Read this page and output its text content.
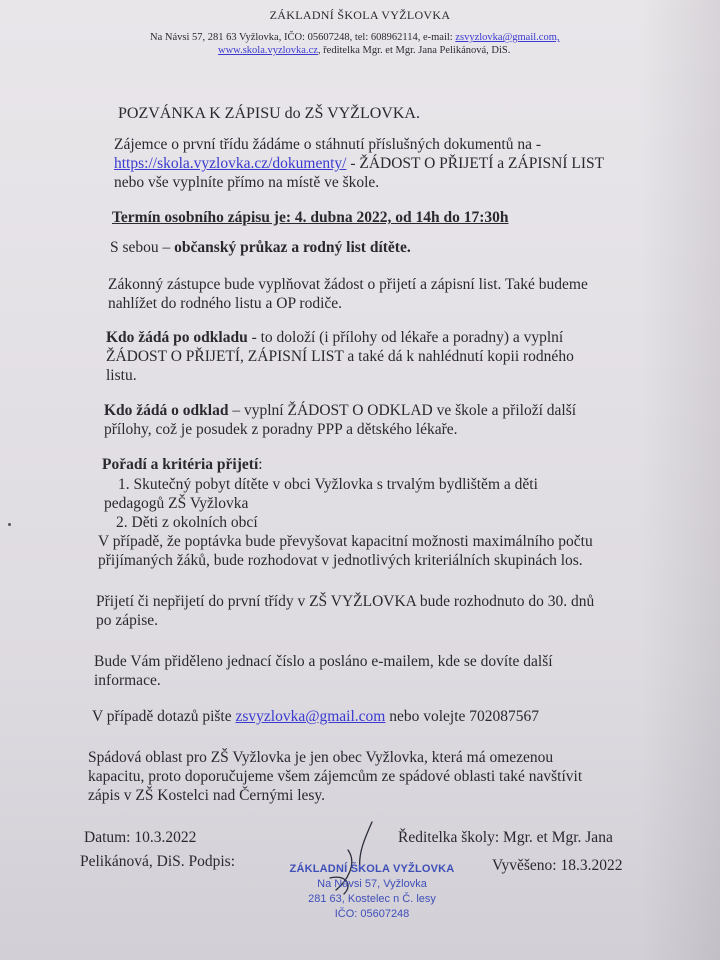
ZÁKLADNÍ ŠKOLA VYŽLOVKA
Na Návsi 57, 281 63 Vyžlovka, IČO: 05607248, tel: 608962114, e-mail: zsvyzlovka@gmail.com,
www.skola.vyzlovka.cz, ředitelka Mgr. et Mgr. Jana Pelikánová, DiS.
POZVÁNKA K ZÁPISU do ZŠ VYŽLOVKA.
Zájemce o první třídu žádáme o stáhnutí příslušných dokumentů na -
https://skola.vyzlovka.cz/dokumenty/ - ŽÁDOST O PŘIJETÍ a ZÁPISNÍ LIST
nebo vše vyplníte přímo na místě ve škole.
Termín osobního zápisu je: 4. dubna 2022, od 14h do 17:30h
S sebou – občanský průkaz a rodný list dítěte.
Zákonný zástupce bude vyplňovat žádost o přijetí a zápisní list. Také budeme
nahlížet do rodného listu a OP rodiče.
Kdo žádá po odkladu - to doloží (i přílohy od lékaře a poradny) a vyplní
ŽÁDOST O PŘIJETÍ, ZÁPISNÍ LIST a také dá k nahlédnutí kopii rodného
listu.
Kdo žádá o odklad – vyplní ŽÁDOST O ODKLAD ve škole a přiloží další
přílohy, což je posudek z poradny PPP a dětského lékaře.
Pořadí a kritéria přijetí:
1. Skutečný pobyt dítěte v obci Vyžlovka s trvalým bydlištěm a děti
pedagogů ZŠ Vyžlovka
2. Děti z okolních obcí
V případě, že poptávka bude převyšovat kapacitní možnosti maximálního počtu
přijímaných žáků, bude rozhodovat v jednotlivých kriteriálních skupinách los.
Přijetí či nepřijetí do první třídy v ZŠ VYŽLOVKA bude rozhodnuto do 30. dnů
po zápise.
Bude Vám přiděleno jednací číslo a posláno e-mailem, kde se dovíte další
informace.
V případě dotazů pište zsvyzlovka@gmail.com nebo volejte 702087567
Spádová oblast pro ZŠ Vyžlovka je jen obec Vyžlovka, která má omezenou
kapacitu, proto doporučujeme všem zájemcům ze spádové oblasti také navštívit
zápis v ZŠ Kostelci nad Černými lesy.
Datum: 10.3.2022	Ředitelka školy: Mgr. et Mgr. Jana
Pelikánová, DiS. Podpis:	Vyvěšeno: 18.3.2022
ZÁKLADNÍ ŠKOLA VYŽLOVKA
Na Návsi 57, Vyžlovka
281 63, Kostelec n Č. lesy
IČO: 05607248
